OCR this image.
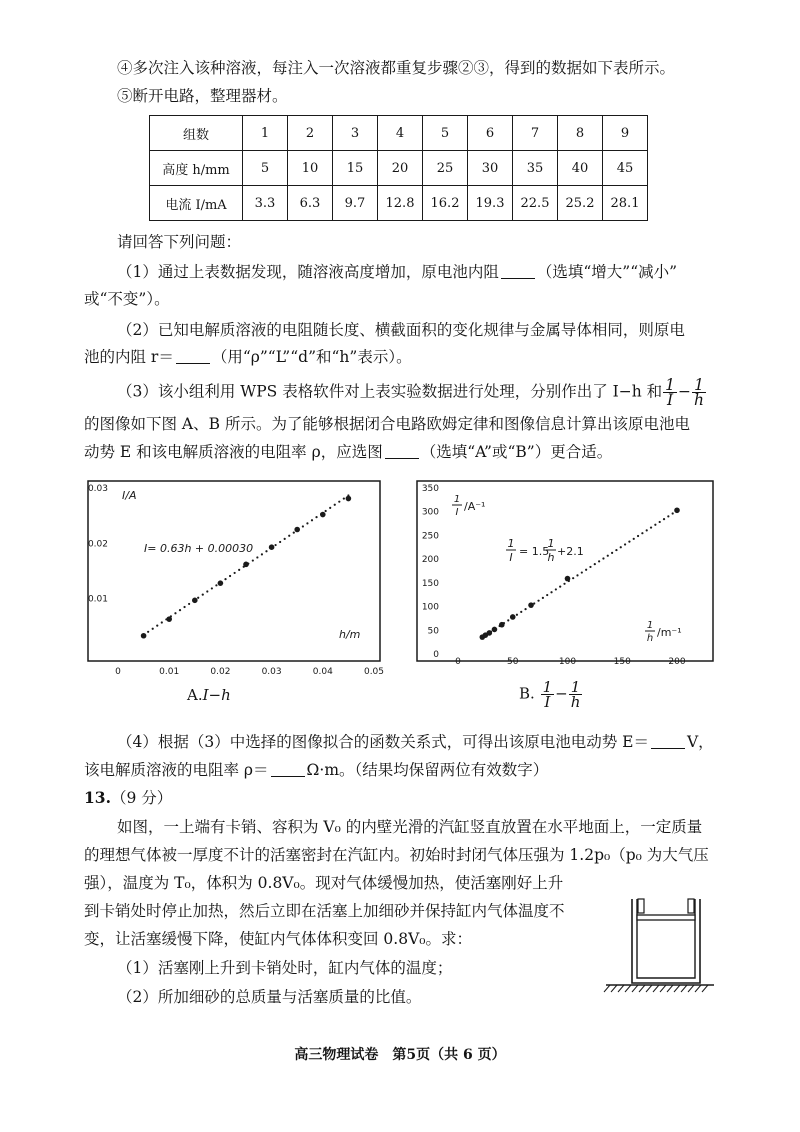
④多次注入该种溶液，每注入一次溶液都重复步骤②③，得到的数据如下表所示。

⑤断开电路，整理器材。

组数	1	2	3	4	5	6	7	8	9
高度 h/mm	5	10	15	20	25	30	35	40	45
电流 I/mA	3.3	6.3	9.7	12.8	16.2	19.3	22.5	25.2	28.1

请回答下列问题：

（1）通过上表数据发现，随溶液高度增加，原电池内阻 （选填“增大”“减小”

或“不变”）。

（2）已知电解质溶液的电阻随长度、横截面积的变化规律与金属导体相同，则原电

池的内阻 r＝ （用“ρ”“L”“d”和“h”表示）。

（3）该小组利用 WPS 表格软件对上表实验数据进行处理，分别作出了 I−h 和 $\frac{1}{I} - \frac{1}{h}$

的图像如下图 A、B 所示。为了能够根据闭合电路欧姆定律和图像信息计算出该原电池电

动势 E 和该电解质溶液的电阻率 ρ，应选图 （选填“A”或“B”）更合适。

0	0.01	0.02	0.03	0.04	0.05
0.01
0.02
0.03 I/A
h/m
I= 0.63h + 0.00030
A.I−h
0	50	100	150	200
0
50
100
150
200
250
300
350
1
I /A⁻¹
1
h /m⁻¹
1
I = 1.5
1
h +2.1
B. $\frac{1}{I} - \frac{1}{h}$

（4）根据（3）中选择的图像拟合的函数关系式，可得出该原电池电动势 E＝ V，

该电解质溶液的电阻率 ρ＝ Ω·m。（结果均保留两位有效数字）

13.（9 分）

如图，一上端有卡销、容积为 V₀ 的内壁光滑的汽缸竖直放置在水平地面上，一定质量

的理想气体被一厚度不计的活塞密封在汽缸内。初始时封闭气体压强为 1.2p₀（p₀ 为大气压

强），温度为 T₀，体积为 0.8V₀。现对气体缓慢加热，使活塞刚好上升

到卡销处时停止加热，然后立即在活塞上加细砂并保持缸内气体温度不

变，让活塞缓慢下降，使缸内气体体积变回 0.8V₀。求：

（1）活塞刚上升到卡销处时，缸内气体的温度；

（2）所加细砂的总质量与活塞质量的比值。

高三物理试卷　第5页（共 6 页）
